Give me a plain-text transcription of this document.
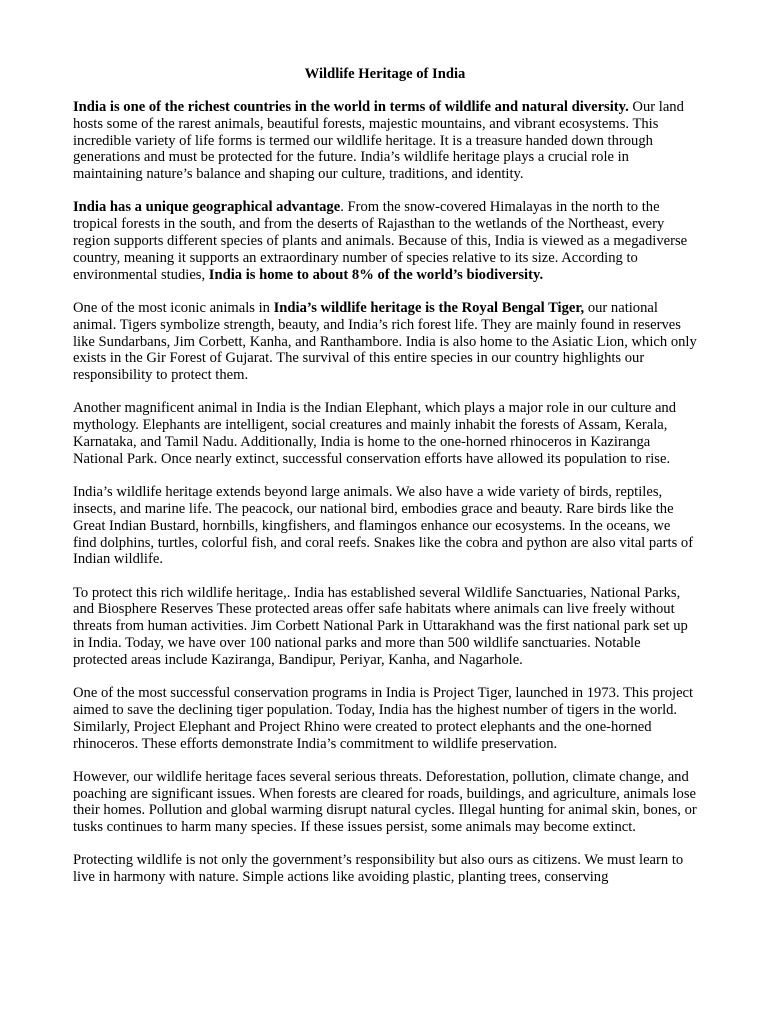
Wildlife Heritage of India

India is one of the richest countries in the world in terms of wildlife and natural diversity. Our land hosts some of the rarest animals, beautiful forests, majestic mountains, and vibrant ecosystems. This incredible variety of life forms is termed our wildlife heritage. It is a treasure handed down through generations and must be protected for the future. India’s wildlife heritage plays a crucial role in maintaining nature’s balance and shaping our culture, traditions, and identity.

India has a unique geographical advantage. From the snow-covered Himalayas in the north to the tropical forests in the south, and from the deserts of Rajasthan to the wetlands of the Northeast, every region supports different species of plants and animals. Because of this, India is viewed as a megadiverse country, meaning it supports an extraordinary number of species relative to its size. According to environmental studies, India is home to about 8% of the world’s biodiversity.

One of the most iconic animals in India’s wildlife heritage is the Royal Bengal Tiger, our national animal. Tigers symbolize strength, beauty, and India’s rich forest life. They are mainly found in reserves like Sundarbans, Jim Corbett, Kanha, and Ranthambore. India is also home to the Asiatic Lion, which only exists in the Gir Forest of Gujarat. The survival of this entire species in our country highlights our responsibility to protect them.

Another magnificent animal in India is the Indian Elephant, which plays a major role in our culture and mythology. Elephants are intelligent, social creatures and mainly inhabit the forests of Assam, Kerala, Karnataka, and Tamil Nadu. Additionally, India is home to the one-horned rhinoceros in Kaziranga National Park. Once nearly extinct, successful conservation efforts have allowed its population to rise.

India’s wildlife heritage extends beyond large animals. We also have a wide variety of birds, reptiles, insects, and marine life. The peacock, our national bird, embodies grace and beauty. Rare birds like the Great Indian Bustard, hornbills, kingfishers, and flamingos enhance our ecosystems. In the oceans, we find dolphins, turtles, colorful fish, and coral reefs. Snakes like the cobra and python are also vital parts of Indian wildlife.

To protect this rich wildlife heritage,. India has established several Wildlife Sanctuaries, National Parks, and Biosphere Reserves These protected areas offer safe habitats where animals can live freely without threats from human activities. Jim Corbett National Park in Uttarakhand was the first national park set up in India. Today, we have over 100 national parks and more than 500 wildlife sanctuaries. Notable protected areas include Kaziranga, Bandipur, Periyar, Kanha, and Nagarhole.

One of the most successful conservation programs in India is Project Tiger, launched in 1973. This project aimed to save the declining tiger population. Today, India has the highest number of tigers in the world. Similarly, Project Elephant and Project Rhino were created to protect elephants and the one-horned rhinoceros. These efforts demonstrate India’s commitment to wildlife preservation.

However, our wildlife heritage faces several serious threats. Deforestation, pollution, climate change, and poaching are significant issues. When forests are cleared for roads, buildings, and agriculture, animals lose their homes. Pollution and global warming disrupt natural cycles. Illegal hunting for animal skin, bones, or tusks continues to harm many species. If these issues persist, some animals may become extinct.

Protecting wildlife is not only the government’s responsibility but also ours as citizens. We must learn to live in harmony with nature. Simple actions like avoiding plastic, planting trees, conserving
